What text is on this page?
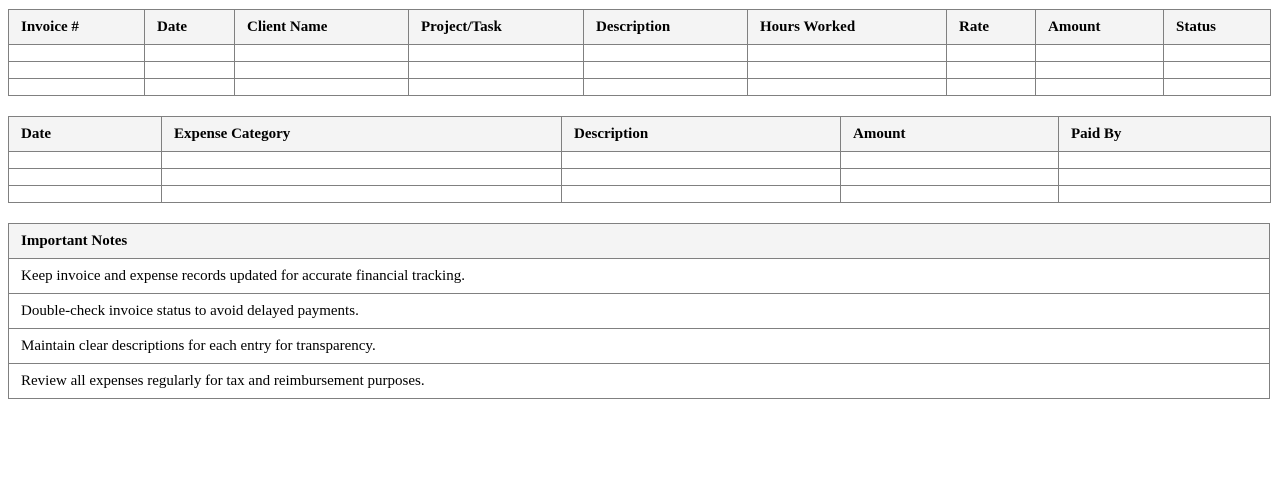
Invoice #	Date	Client Name	Project/Task	Description	Hours Worked	Rate	Amount	Status

Date	Expense Category	Description	Amount	Paid By

Important Notes
Keep invoice and expense records updated for accurate financial tracking.
Double-check invoice status to avoid delayed payments.
Maintain clear descriptions for each entry for transparency.
Review all expenses regularly for tax and reimbursement purposes.
